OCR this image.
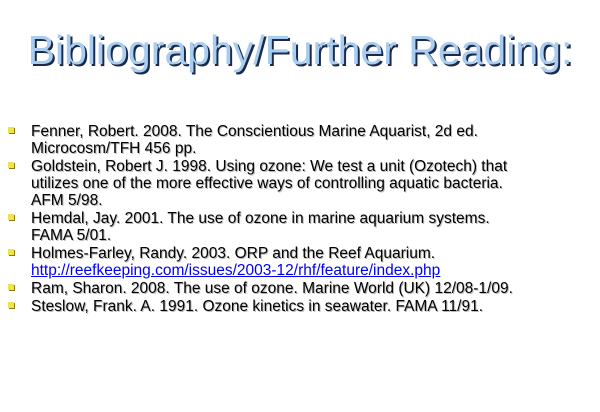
Bibliography/Further Reading:
Fenner, Robert. 2008. The Conscientious Marine Aquarist, 2d ed.
Microcosm/TFH 456 pp.
Goldstein, Robert J. 1998. Using ozone: We test a unit (Ozotech) that
utilizes one of the more effective ways of controlling aquatic bacteria.
AFM 5/98.
Hemdal, Jay. 2001. The use of ozone in marine aquarium systems.
FAMA 5/01.
Holmes-Farley, Randy. 2003. ORP and the Reef Aquarium.
http://reefkeeping.com/issues/2003-12/rhf/feature/index.php
Ram, Sharon. 2008. The use of ozone. Marine World (UK) 12/08-1/09.
Steslow, Frank. A. 1991. Ozone kinetics in seawater. FAMA 11/91.
